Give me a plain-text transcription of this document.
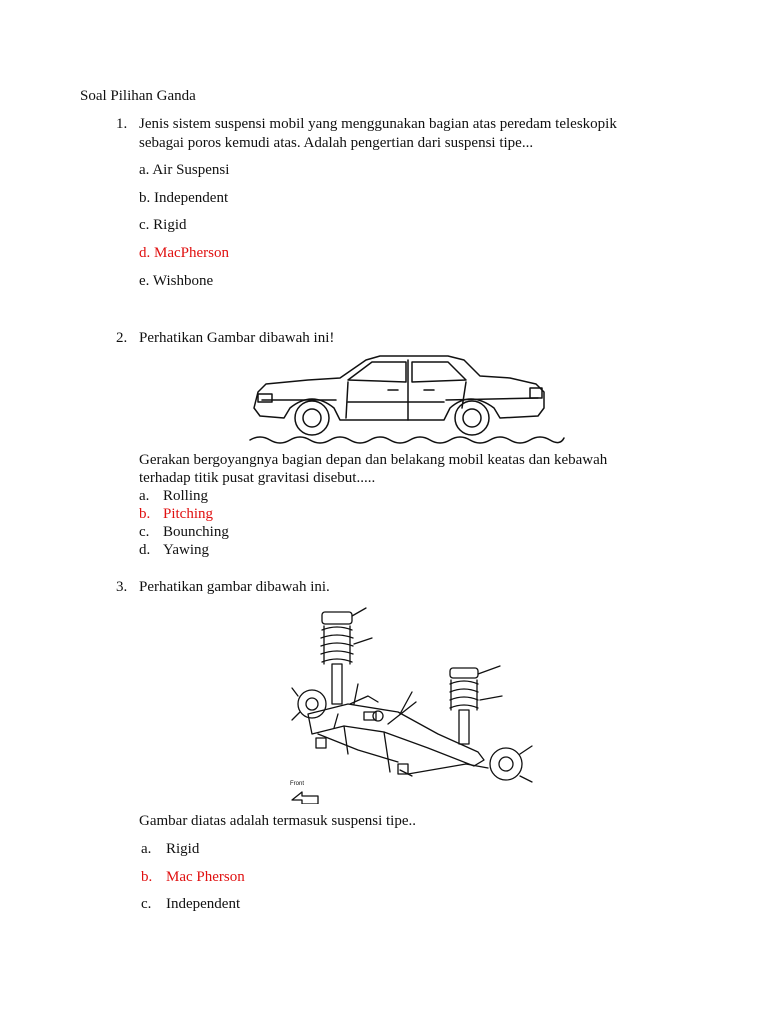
Soal Pilihan Ganda
1. Jenis sistem suspensi mobil yang menggunakan bagian atas peredam teleskopik
sebagai poros kemudi atas. Adalah pengertian dari suspensi tipe...
a. Air Suspensi
b. Independent
c. Rigid
d. MacPherson
e. Wishbone
2. Perhatikan Gambar dibawah ini!
Gerakan bergoyangnya bagian depan dan belakang mobil keatas dan kebawah
terhadap titik pusat gravitasi disebut.....
a. Rolling
b. Pitching
c. Bounching
d. Yawing
3. Perhatikan gambar dibawah ini.
Front
Gambar diatas adalah termasuk suspensi tipe..
a. Rigid
b. Mac Pherson
c. Independent
